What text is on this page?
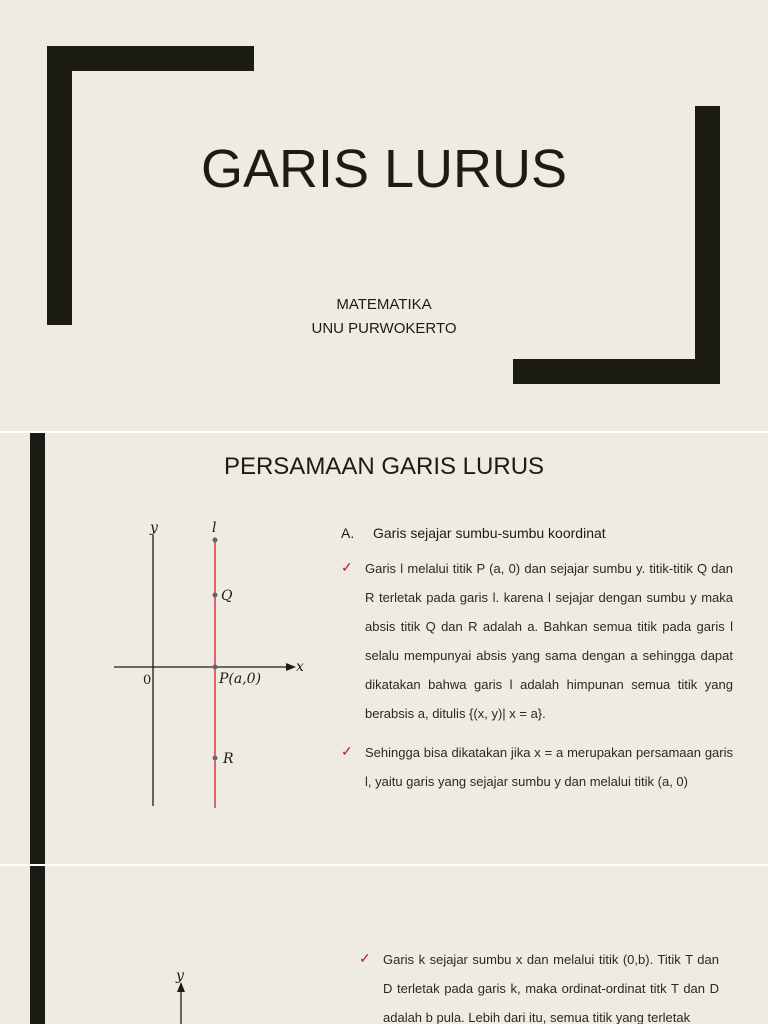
GARIS LURUS
MATEMATIKA
UNU PURWOKERTO
PERSAMAAN GARIS LURUS
y	l
x
0
Q
P(a,0)
R
A. Garis sejajar sumbu-sumbu koordinat
✓ Garis l melalui titik P (a, 0) dan sejajar sumbu y. titik-titik Q dan R terletak pada garis l. karena l sejajar dengan sumbu y maka absis titik Q dan R adalah a. Bahkan semua titik pada garis l selalu mempunyai absis yang sama dengan a sehingga dapat dikatakan bahwa garis l adalah himpunan semua titik yang berabsis a, ditulis {(x, y)| x = a}.
✓ Sehingga bisa dikatakan jika x = a merupakan persamaan garis l, yaitu garis yang sejajar sumbu y dan melalui titik (a, 0)
y
✓ Garis k sejajar sumbu x dan melalui titik (0,b). Titik T dan D terletak pada garis k, maka ordinat-ordinat titk T dan D adalah b pula. Lebih dari itu, semua titik yang terletak
